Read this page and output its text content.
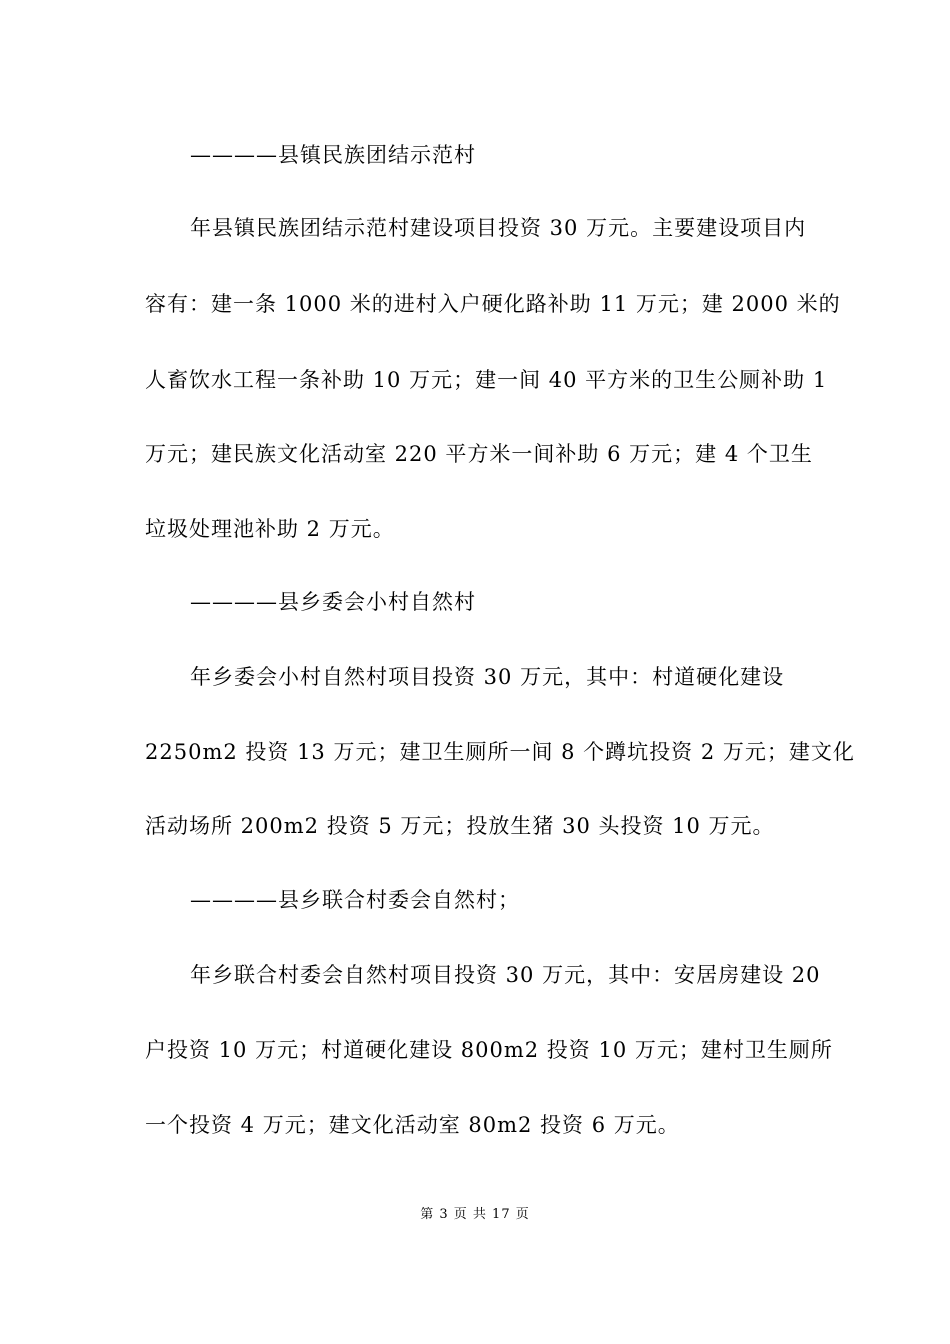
————县镇民族团结示范村
年县镇民族团结示范村建设项目投资 30 万元。主要建设项目内
容有：建一条 1000 米的进村入户硬化路补助 11 万元；建 2000 米的
人畜饮水工程一条补助 10 万元；建一间 40 平方米的卫生公厕补助 1
万元；建民族文化活动室 220 平方米一间补助 6 万元；建 4 个卫生
垃圾处理池补助 2 万元。
————县乡委会小村自然村
年乡委会小村自然村项目投资 30 万元，其中：村道硬化建设
2250m2 投资 13 万元；建卫生厕所一间 8 个蹲坑投资 2 万元；建文化
活动场所 200m2 投资 5 万元；投放生猪 30 头投资 10 万元。
————县乡联合村委会自然村；
年乡联合村委会自然村项目投资 30 万元，其中：安居房建设 20
户投资 10 万元；村道硬化建设 800m2 投资 10 万元；建村卫生厕所
一个投资 4 万元；建文化活动室 80m2 投资 6 万元。
第 3 页 共 17 页
